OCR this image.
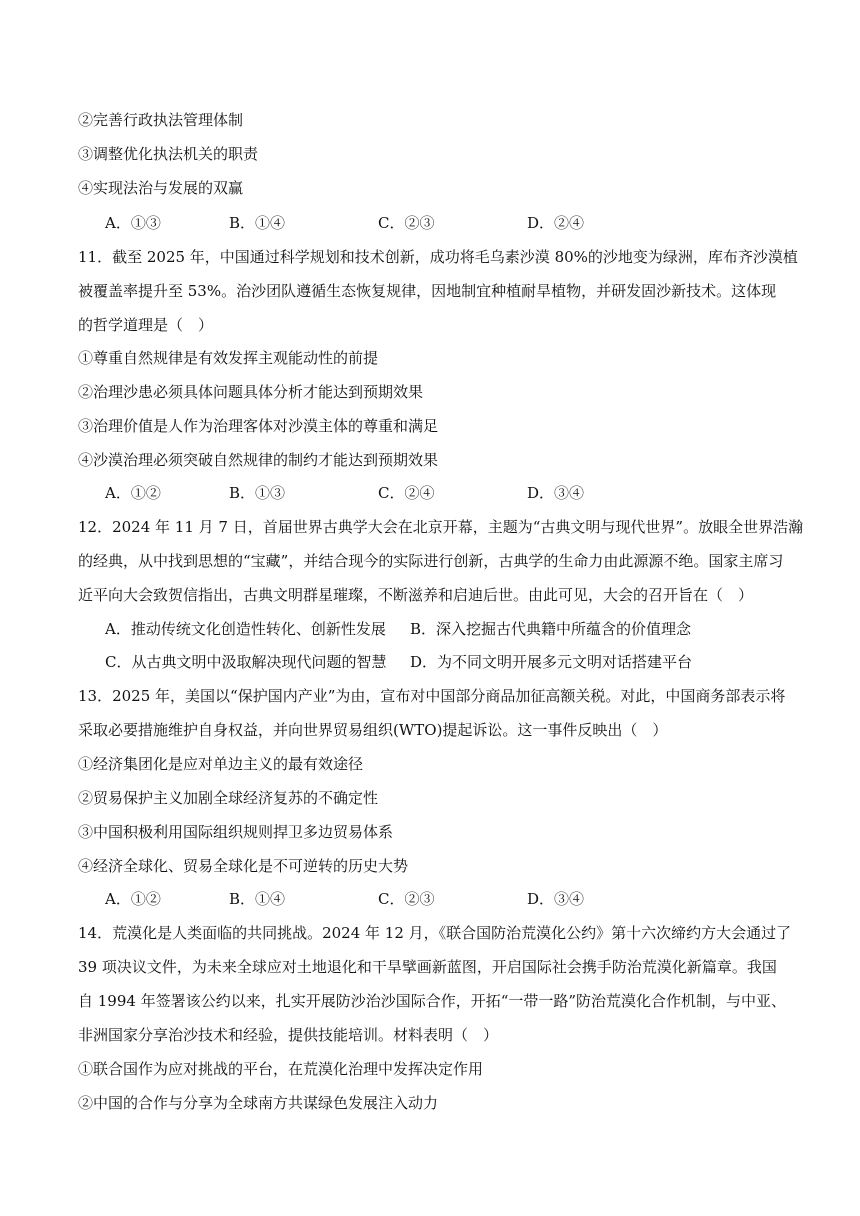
②完善行政执法管理体制
③调整优化执法机关的职责
④实现法治与发展的双赢
A．①③	B．①④	C．②③	D．②④
11．截至 2025 年，中国通过科学规划和技术创新，成功将毛乌素沙漠 80%的沙地变为绿洲，库布齐沙漠植
被覆盖率提升至 53%。治沙团队遵循生态恢复规律，因地制宜种植耐旱植物，并研发固沙新技术。这体现
的哲学道理是（　）
①尊重自然规律是有效发挥主观能动性的前提
②治理沙患必须具体问题具体分析才能达到预期效果
③治理价值是人作为治理客体对沙漠主体的尊重和满足
④沙漠治理必须突破自然规律的制约才能达到预期效果
A．①②	B．①③	C．②④	D．③④
12．2024 年 11 月 7 日，首届世界古典学大会在北京开幕，主题为“古典文明与现代世界”。放眼全世界浩瀚
的经典，从中找到思想的“宝藏”，并结合现今的实际进行创新，古典学的生命力由此源源不绝。国家主席习
近平向大会致贺信指出，古典文明群星璀璨，不断滋养和启迪后世。由此可见，大会的召开旨在（　）
A．推动传统文化创造性转化、创新性发展 B．深入挖掘古代典籍中所蕴含的价值理念
C．从古典文明中汲取解决现代问题的智慧 D．为不同文明开展多元文明对话搭建平台
13．2025 年，美国以“保护国内产业”为由，宣布对中国部分商品加征高额关税。对此，中国商务部表示将
采取必要措施维护自身权益，并向世界贸易组织(WTO)提起诉讼。这一事件反映出（　）
①经济集团化是应对单边主义的最有效途径
②贸易保护主义加剧全球经济复苏的不确定性
③中国积极利用国际组织规则捍卫多边贸易体系
④经济全球化、贸易全球化是不可逆转的历史大势
A．①②	B．①④	C．②③	D．③④
14．荒漠化是人类面临的共同挑战。2024 年 12 月，《联合国防治荒漠化公约》第十六次缔约方大会通过了
39 项决议文件，为未来全球应对土地退化和干旱擘画新蓝图，开启国际社会携手防治荒漠化新篇章。我国
自 1994 年签署该公约以来，扎实开展防沙治沙国际合作，开拓“一带一路”防治荒漠化合作机制，与中亚、
非洲国家分享治沙技术和经验，提供技能培训。材料表明（　）
①联合国作为应对挑战的平台，在荒漠化治理中发挥决定作用
②中国的合作与分享为全球南方共谋绿色发展注入动力
